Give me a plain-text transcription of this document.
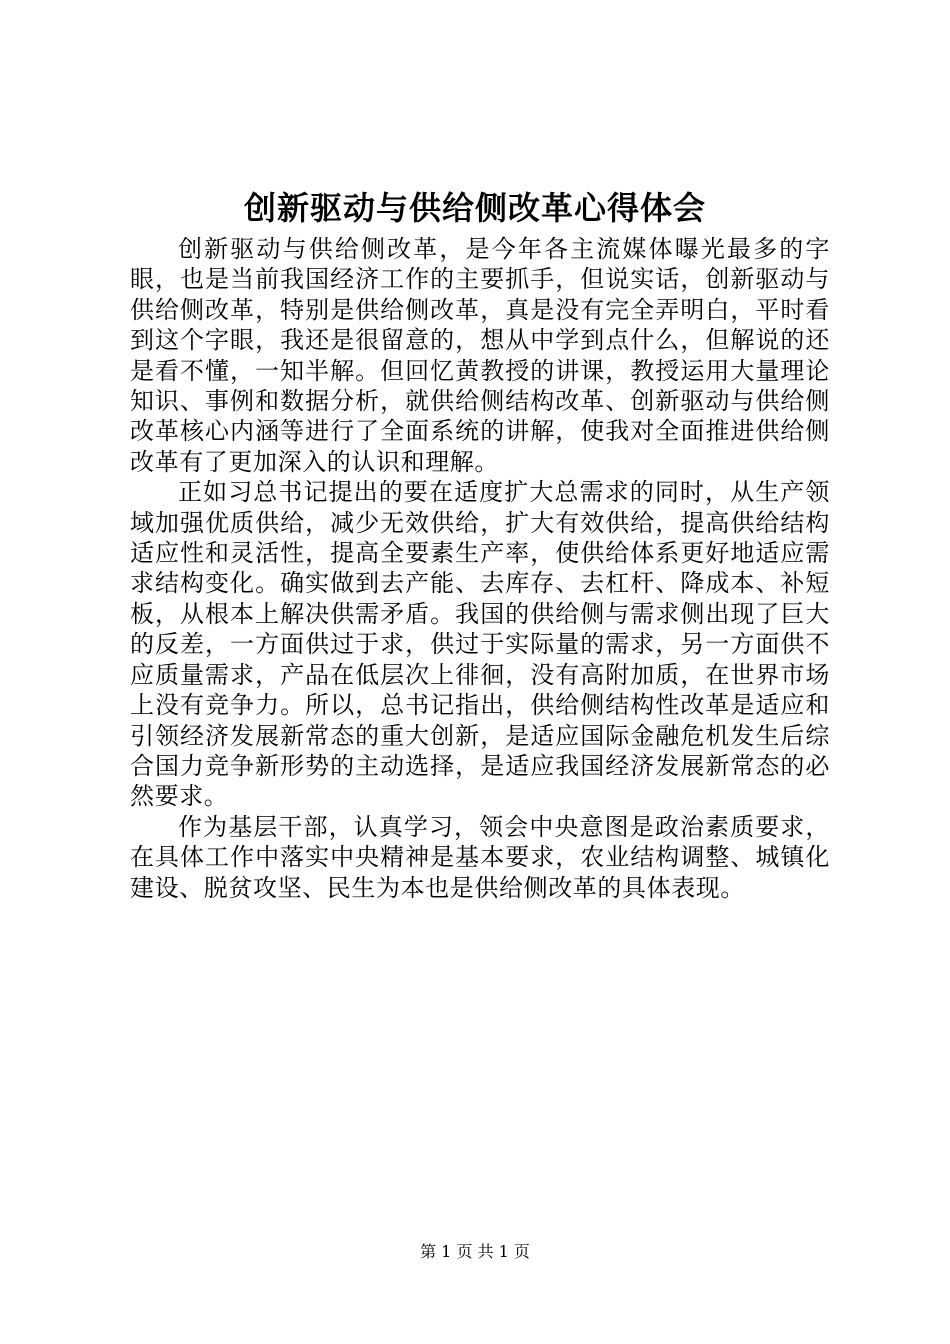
创新驱动与供给侧改革心得体会

创新驱动与供给侧改革，是今年各主流媒体曝光最多的字眼，也是当前我国经济工作的主要抓手，但说实话，创新驱动与供给侧改革，特别是供给侧改革，真是没有完全弄明白，平时看到这个字眼，我还是很留意的，想从中学到点什么，但解说的还是看不懂，一知半解。但回忆黄教授的讲课，教授运用大量理论知识、事例和数据分析，就供给侧结构改革、创新驱动与供给侧改革核心内涵等进行了全面系统的讲解，使我对全面推进供给侧改革有了更加深入的认识和理解。

正如习总书记提出的要在适度扩大总需求的同时，从生产领域加强优质供给，减少无效供给，扩大有效供给，提高供给结构适应性和灵活性，提高全要素生产率，使供给体系更好地适应需求结构变化。确实做到去产能、去库存、去杠杆、降成本、补短板，从根本上解决供需矛盾。我国的供给侧与需求侧出现了巨大的反差，一方面供过于求，供过于实际量的需求，另一方面供不应质量需求，产品在低层次上徘徊，没有高附加质，在世界市场上没有竞争力。所以，总书记指出，供给侧结构性改革是适应和引领经济发展新常态的重大创新，是适应国际金融危机发生后综合国力竞争新形势的主动选择，是适应我国经济发展新常态的必然要求。

作为基层干部，认真学习，领会中央意图是政治素质要求，在具体工作中落实中央精神是基本要求，农业结构调整、城镇化建设、脱贫攻坚、民生为本也是供给侧改革的具体表现。

第 1 页 共 1 页
